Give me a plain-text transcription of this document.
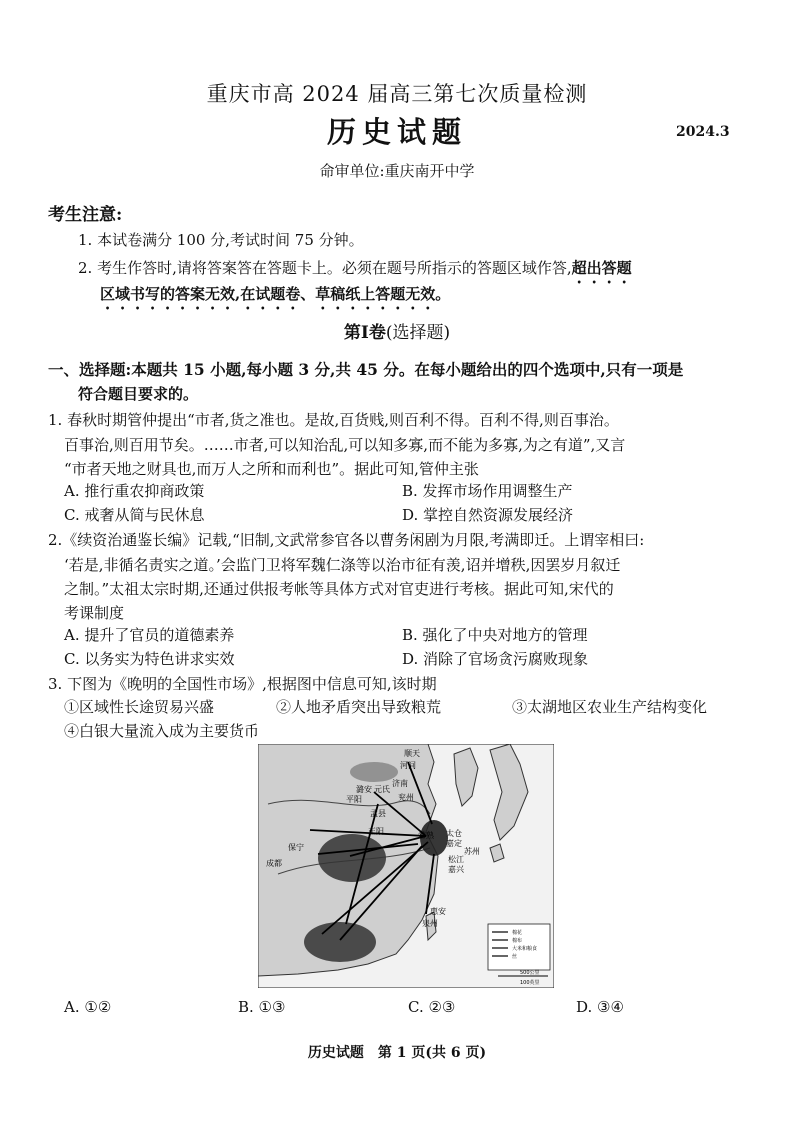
重庆市高 2024 届高三第七次质量检测
历史试题	2024.3
命审单位:重庆南开中学
考生注意:
1. 本试卷满分 100 分,考试时间 75 分钟。
2. 考生作答时,请将答案答在答题卡上。必须在题号所指示的答题区域作答,超出答题
区域书写的答案无效,在试题卷、草稿纸上答题无效。
第Ⅰ卷(选择题)
一、选择题:本题共 15 小题,每小题 3 分,共 45 分。在每小题给出的四个选项中,只有一项是
符合题目要求的。
1. 春秋时期管仲提出“市者,货之准也。是故,百货贱,则百利不得。百利不得,则百事治。
百事治,则百用节矣。……市者,可以知治乱,可以知多寡,而不能为多寡,为之有道”,又言
“市者天地之财具也,而万人之所和而利也”。据此可知,管仲主张
A. 推行重农抑商政策	B. 发挥市场作用调整生产
C. 戒奢从简与民休息	D. 掌控自然资源发展经济
2.《续资治通鉴长编》记载,“旧制,文武常参官各以曹务闲剧为月限,考满即迁。上谓宰相曰:
‘若是,非循名责实之道。’会监门卫将军魏仁涤等以治市征有羡,诏并增秩,因罢岁月叙迁
之制。”太祖太宗时期,还通过供报考帐等具体方式对官吏进行考核。据此可知,宋代的
考课制度
A. 提升了官员的道德素养	B. 强化了中央对地方的管理
C. 以务实为特色讲求实效	D. 消除了官场贪污腐败现象
3. 下图为《晚明的全国性市场》,根据图中信息可知,该时期
①区域性长途贸易兴盛	②人地矛盾突出导致粮荒	③太湖地区农业生产结构变化
④白银大量流入成为主要货币
顺天
河间
平阳
潞安 元氏
济南
兖州
孟县
正阳
保宁
成都
常熟 太仓
嘉定
苏州
松江
嘉兴
惠安
泉州
棉花
棉布
大米和粮食
丝
500公里
100英里
A. ①②	B. ①③	C. ②③	D. ③④
历史试题　第 1 页(共 6 页)
